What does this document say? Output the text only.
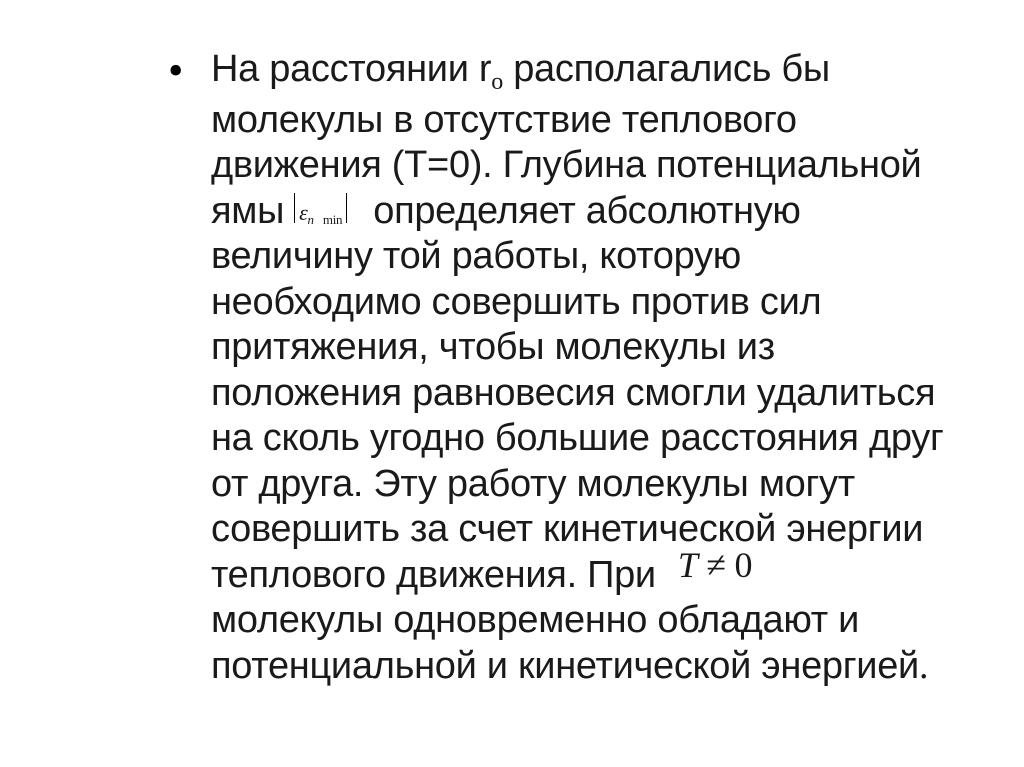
• На расстоянии $r_o$ располагались бы
молекулы в отсутствие теплового
движения (Т=0). Глубина потенциальной
ямы εn min определяет абсолютную
величину той работы, которую
необходимо совершить против сил
притяжения, чтобы молекулы из
положения равновесия смогли удалиться
на сколь угодно большие расстояния друг
от друга. Эту работу молекулы могут
совершить за счет кинетической энергии
теплового движения. При T ≠ 0
молекулы одновременно обладают и
потенциальной и кинетической энергией.
